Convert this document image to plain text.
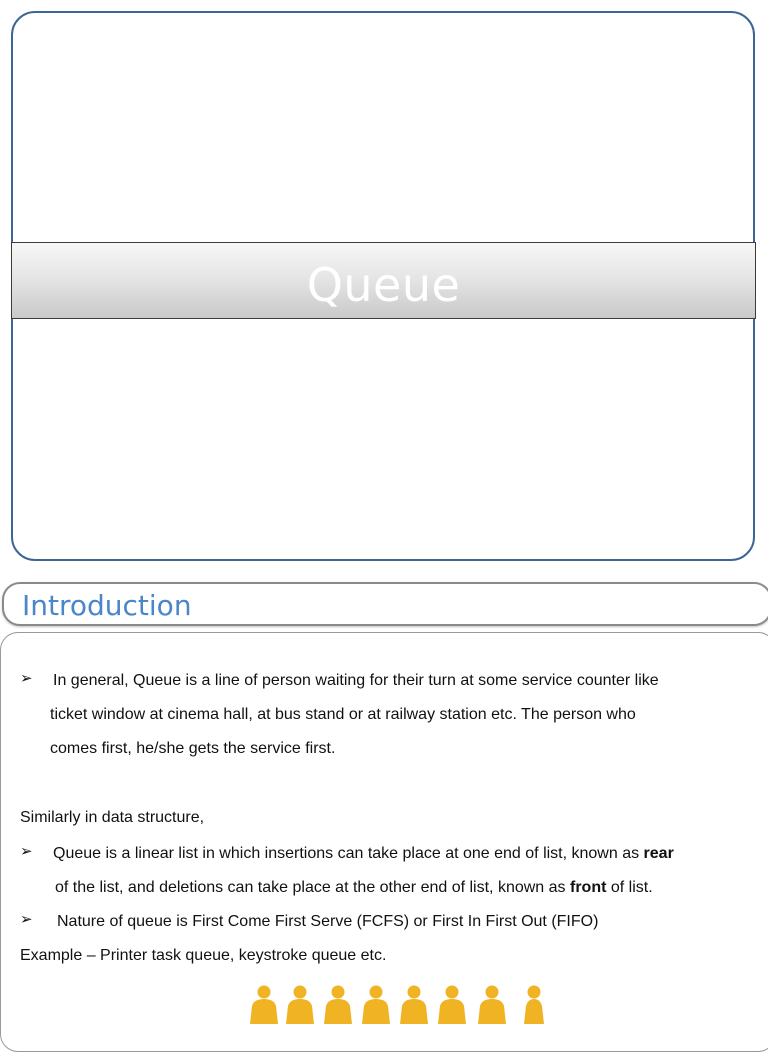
Queue
Introduction
➢ In general, Queue is a line of person waiting for their turn at some service counter like
ticket window at cinema hall, at bus stand or at railway station etc. The person who
comes first, he/she gets the service first.
Similarly in data structure,
➢ Queue is a linear list in which insertions can take place at one end of list, known as rear
of the list, and deletions can take place at the other end of list, known as front of list.
➢ Nature of queue is First Come First Serve (FCFS) or First In First Out (FIFO)
Example – Printer task queue, keystroke queue etc.
